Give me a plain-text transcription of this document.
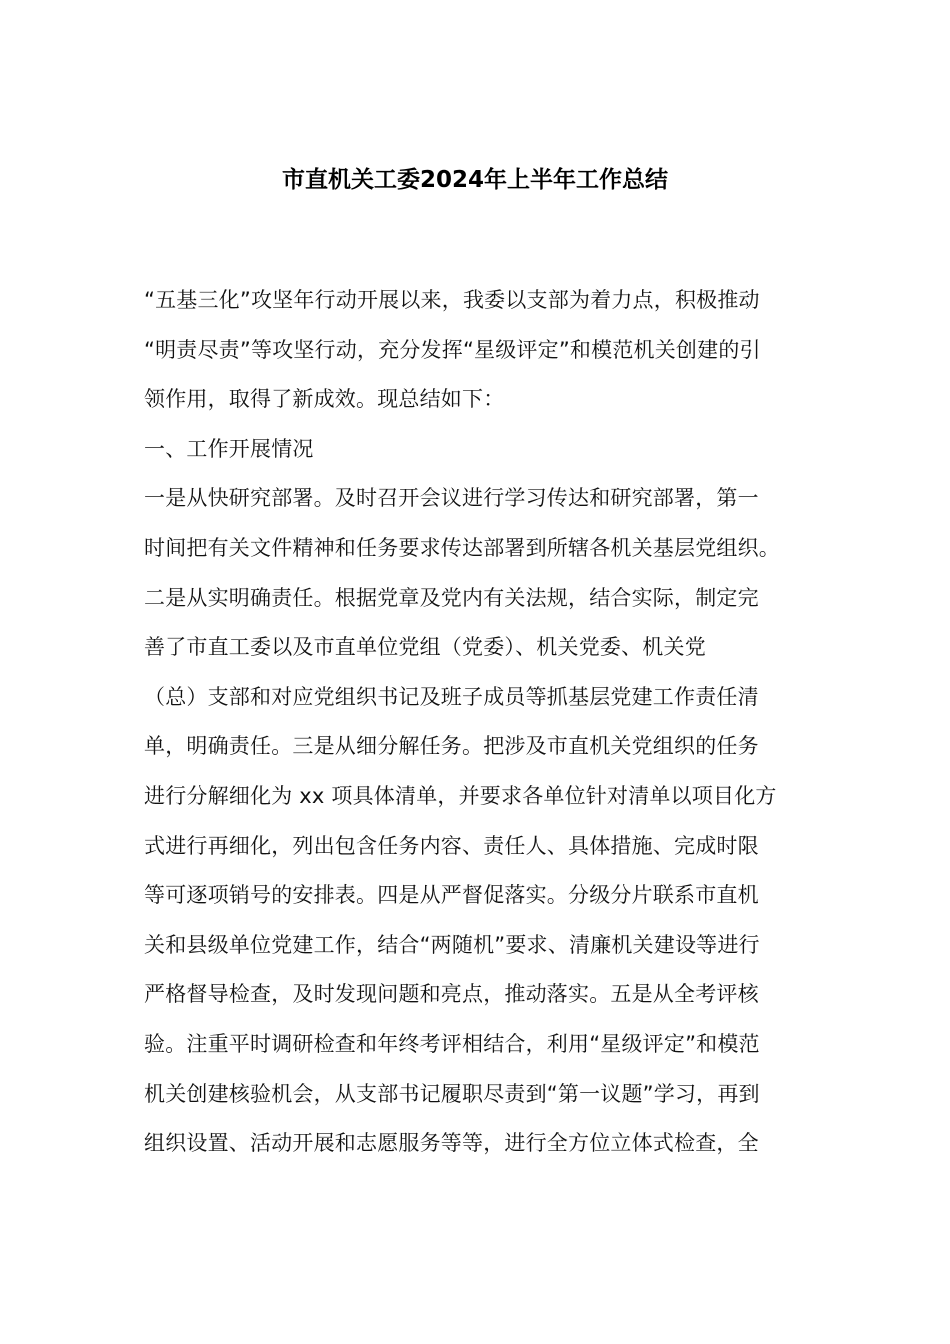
市直机关工委2024年上半年工作总结
“五基三化”攻坚年行动开展以来，我委以支部为着力点，积极推动
“明责尽责”等攻坚行动，充分发挥“星级评定”和模范机关创建的引
领作用，取得了新成效。现总结如下：
一、工作开展情况
一是从快研究部署。及时召开会议进行学习传达和研究部署，第一
时间把有关文件精神和任务要求传达部署到所辖各机关基层党组织。
二是从实明确责任。根据党章及党内有关法规，结合实际，制定完
善了市直工委以及市直单位党组（党委）、机关党委、机关党
（总）支部和对应党组织书记及班子成员等抓基层党建工作责任清
单，明确责任。三是从细分解任务。把涉及市直机关党组织的任务
进行分解细化为 xx 项具体清单，并要求各单位针对清单以项目化方
式进行再细化，列出包含任务内容、责任人、具体措施、完成时限
等可逐项销号的安排表。四是从严督促落实。分级分片联系市直机
关和县级单位党建工作，结合“两随机”要求、清廉机关建设等进行
严格督导检查，及时发现问题和亮点，推动落实。五是从全考评核
验。注重平时调研检查和年终考评相结合，利用“星级评定”和模范
机关创建核验机会，从支部书记履职尽责到“第一议题”学习，再到
组织设置、活动开展和志愿服务等等，进行全方位立体式检查，全
